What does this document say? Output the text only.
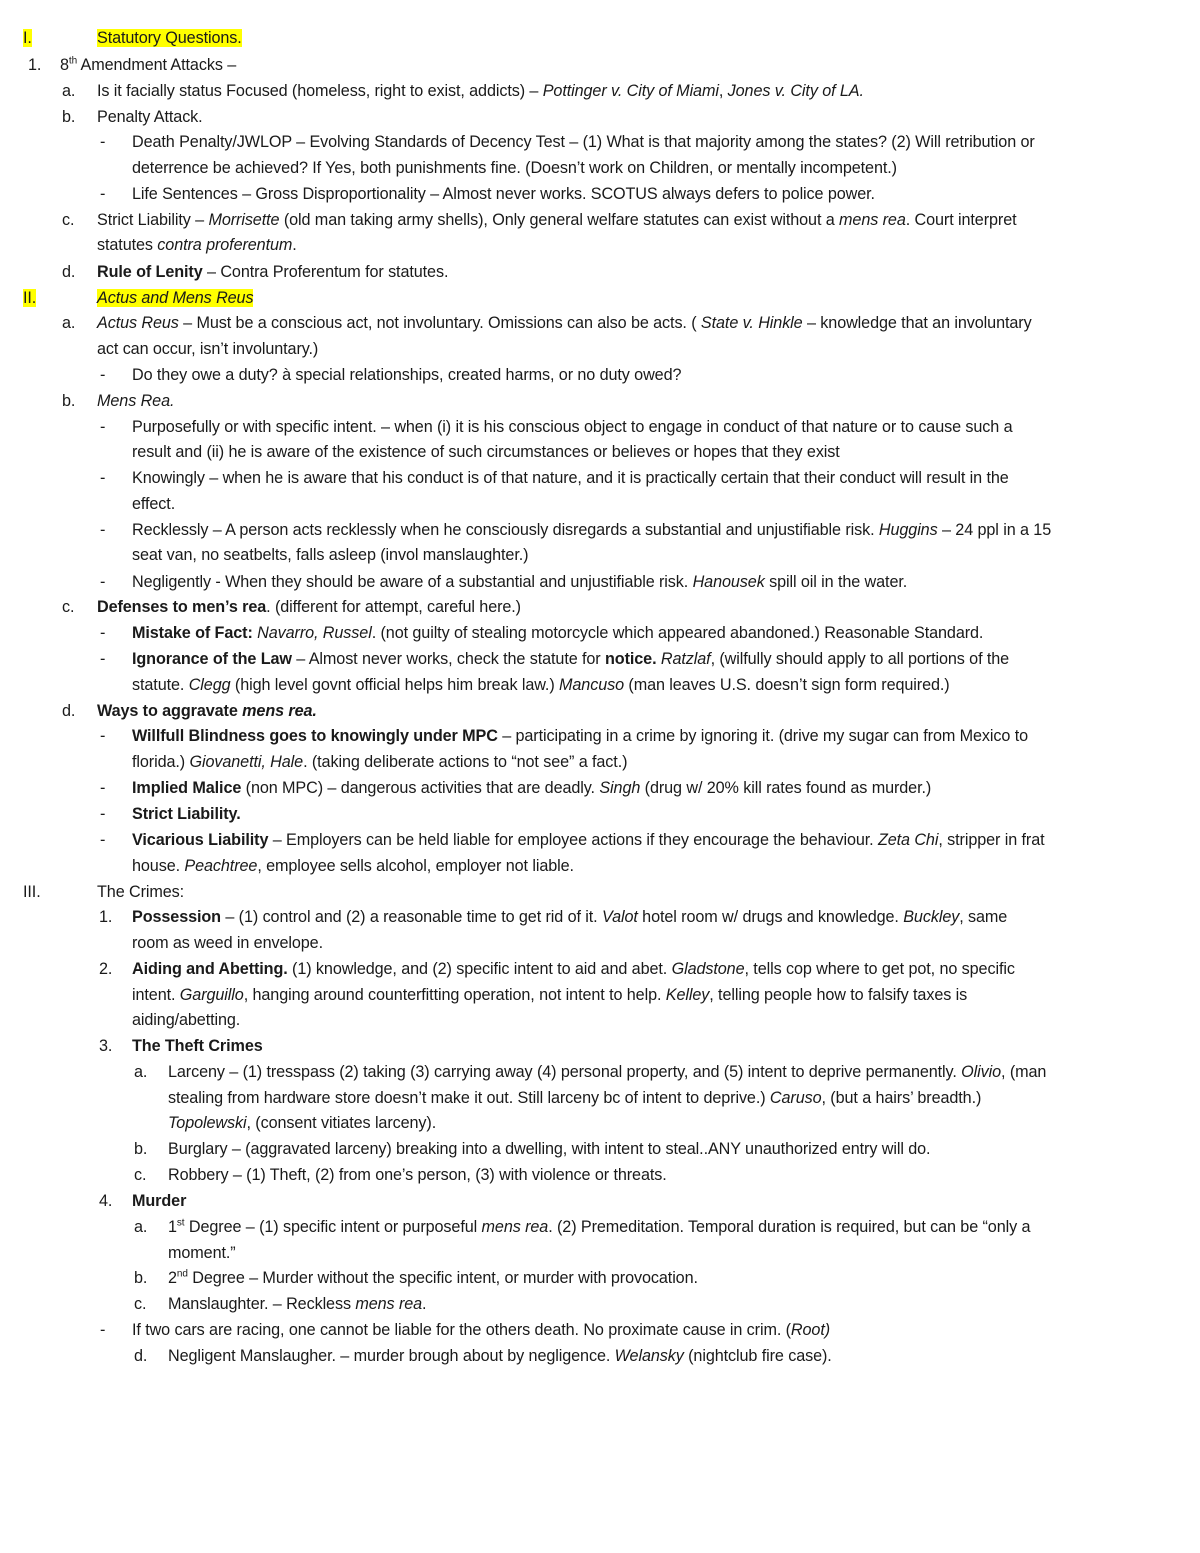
I.	Statutory Questions.
1. 8th Amendment Attacks –
a. Is it facially status Focused (homeless, right to exist, addicts) – Pottinger v. City of Miami, Jones v. City of LA.
b. Penalty Attack.
- Death Penalty/JWLOP – Evolving Standards of Decency Test – (1) What is that majority among the states? (2) Will retribution or
deterrence be achieved? If Yes, both punishments fine. (Doesn’t work on Children, or mentally incompetent.)
- Life Sentences – Gross Disproportionality – Almost never works. SCOTUS always defers to police power.
c. Strict Liability – Morrisette (old man taking army shells), Only general welfare statutes can exist without a mens rea. Court interpret
statutes contra proferentum.
d. Rule of Lenity – Contra Proferentum for statutes.
II.	Actus and Mens Reus
a. Actus Reus – Must be a conscious act, not involuntary. Omissions can also be acts. ( State v. Hinkle – knowledge that an involuntary
act can occur, isn’t involuntary.)
- Do they owe a duty? à special relationships, created harms, or no duty owed?
b. Mens Rea.
- Purposefully or with specific intent. – when (i) it is his conscious object to engage in conduct of that nature or to cause such a
result and (ii) he is aware of the existence of such circumstances or believes or hopes that they exist
- Knowingly – when he is aware that his conduct is of that nature, and it is practically certain that their conduct will result in the
effect.
- Recklessly – A person acts recklessly when he consciously disregards a substantial and unjustifiable risk. Huggins – 24 ppl in a 15
seat van, no seatbelts, falls asleep (invol manslaughter.)
- Negligently - When they should be aware of a substantial and unjustifiable risk. Hanousek spill oil in the water.
c. Defenses to men’s rea. (different for attempt, careful here.)
- Mistake of Fact: Navarro, Russel. (not guilty of stealing motorcycle which appeared abandoned.) Reasonable Standard.
- Ignorance of the Law – Almost never works, check the statute for notice. Ratzlaf, (wilfully should apply to all portions of the
statute. Clegg (high level govnt official helps him break law.) Mancuso (man leaves U.S. doesn’t sign form required.)
d. Ways to aggravate mens rea.
- Willfull Blindness goes to knowingly under MPC – participating in a crime by ignoring it. (drive my sugar can from Mexico to
florida.) Giovanetti, Hale. (taking deliberate actions to “not see” a fact.)
- Implied Malice (non MPC) – dangerous activities that are deadly. Singh (drug w/ 20% kill rates found as murder.)
- Strict Liability.
- Vicarious Liability – Employers can be held liable for employee actions if they encourage the behaviour. Zeta Chi, stripper in frat
house. Peachtree, employee sells alcohol, employer not liable.
III.	The Crimes:
1. Possession – (1) control and (2) a reasonable time to get rid of it. Valot hotel room w/ drugs and knowledge. Buckley, same
room as weed in envelope.
2. Aiding and Abetting. (1) knowledge, and (2) specific intent to aid and abet. Gladstone, tells cop where to get pot, no specific
intent. Garguillo, hanging around counterfitting operation, not intent to help. Kelley, telling people how to falsify taxes is
aiding/abetting.
3. The Theft Crimes
a. Larceny – (1) tresspass (2) taking (3) carrying away (4) personal property, and (5) intent to deprive permanently. Olivio, (man
stealing from hardware store doesn’t make it out. Still larceny bc of intent to deprive.) Caruso, (but a hairs’ breadth.)
Topolewski, (consent vitiates larceny).
b. Burglary – (aggravated larceny) breaking into a dwelling, with intent to steal..ANY unauthorized entry will do.
c. Robbery – (1) Theft, (2) from one’s person, (3) with violence or threats.
4. Murder
a. 1st Degree – (1) specific intent or purposeful mens rea. (2) Premeditation. Temporal duration is required, but can be “only a
moment.”
b. 2nd Degree – Murder without the specific intent, or murder with provocation.
c. Manslaughter. – Reckless mens rea.
- If two cars are racing, one cannot be liable for the others death. No proximate cause in crim. (Root)
d. Negligent Manslaugher. – murder brough about by negligence. Welansky (nightclub fire case).
